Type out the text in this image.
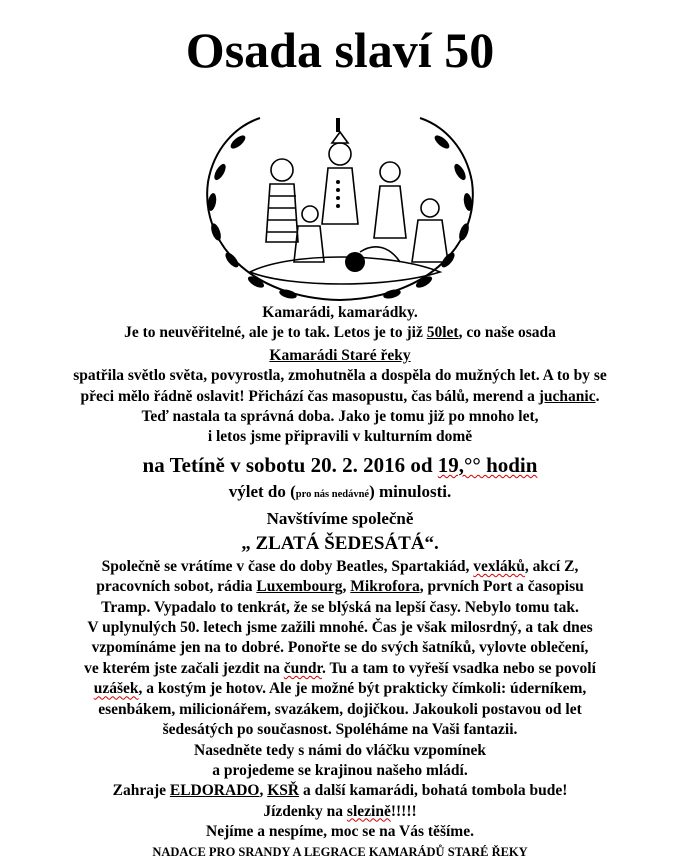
Osada slaví 50

Kamarádi, kamarádky.

Je to neuvěřitelné, ale je to tak. Letos je to již 50let, co naše osada

Kamarádi Staré řeky

spatřila světlo světa, povyrostla, zmohutněla a dospěla do mužných let. A to by se

přeci mělo řádně oslavit! Přichází čas masopustu, čas bálů, merend a juchanic.

Teď nastala ta správná doba. Jako je tomu již po mnoho let,

i letos jsme připravili v kulturním domě

na Tetíně v sobotu 20. 2. 2016 od 19,°° hodin

výlet do (pro nás nedávné) minulosti.

Navštívíme společně

„ ZLATÁ ŠEDESÁTÁ“.

Společně se vrátíme v čase do doby Beatles, Spartakiád, vexláků, akcí Z,

pracovních sobot, rádia Luxembourg, Mikrofora, prvních Port a časopisu

Tramp. Vypadalo to tenkrát, že se blýská na lepší časy. Nebylo tomu tak.

V uplynulých 50. letech jsme zažili mnohé. Čas je však milosrdný, a tak dnes

vzpomínáme jen na to dobré. Ponořte se do svých šatníků, vylovte oblečení,

ve kterém jste začali jezdit na čundr. Tu a tam to vyřeší vsadka nebo se povolí

uzášek, a kostým je hotov. Ale je možné být prakticky čímkoli: úderníkem,

esenbákem, milicionářem, svazákem, dojičkou. Jakoukoli postavou od let

šedesátých po současnost. Spoléháme na Vaši fantazii.

Nasedněte tedy s námi do vláčku vzpomínek

a projedeme se krajinou našeho mládí.

Zahraje ELDORADO, KSŘ a další kamarádi, bohatá tombola bude!

Jízdenky na slezině!!!!!

Nejíme a nespíme, moc se na Vás těšíme.

NADACE PRO SRANDY A LEGRACE KAMARÁDŮ STARÉ ŘEKY
